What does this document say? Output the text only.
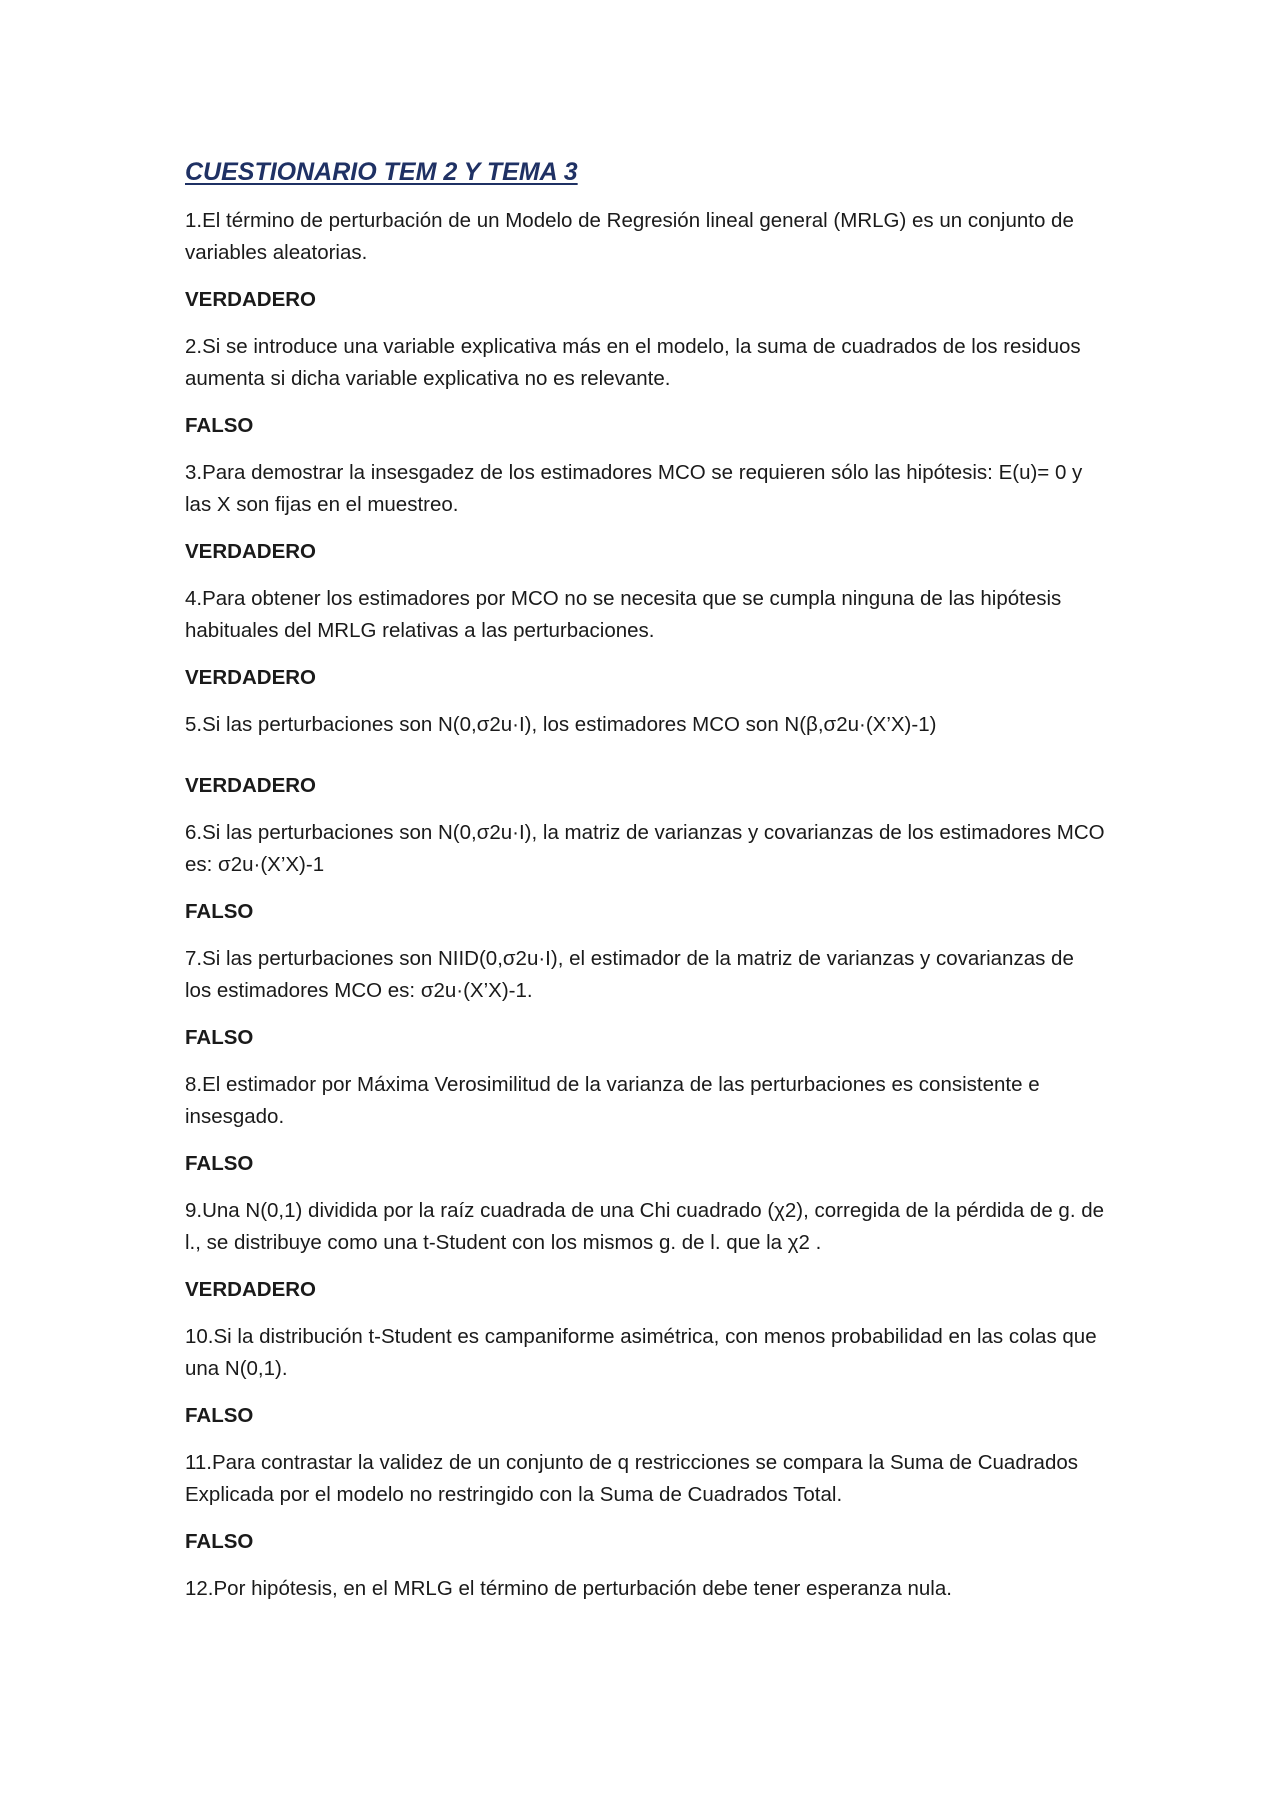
CUESTIONARIO TEM 2 Y TEMA 3

1.El término de perturbación de un Modelo de Regresión lineal general (MRLG) es un conjunto de variables aleatorias.

VERDADERO

2.Si se introduce una variable explicativa más en el modelo, la suma de cuadrados de los residuos aumenta si dicha variable explicativa no es relevante.

FALSO

3.Para demostrar la insesgadez de los estimadores MCO se requieren sólo las hipótesis: E(u)= 0 y las X son fijas en el muestreo.

VERDADERO

4.Para obtener los estimadores por MCO no se necesita que se cumpla ninguna de las hipótesis habituales del MRLG relativas a las perturbaciones.

VERDADERO

5.Si las perturbaciones son N(0,σ2u·I), los estimadores MCO son N(β,σ2u·(X’X)-1)

VERDADERO

6.Si las perturbaciones son N(0,σ2u·I), la matriz de varianzas y covarianzas de los estimadores MCO es: σ2u·(X’X)-1

FALSO

7.Si las perturbaciones son NIID(0,σ2u·I), el estimador de la matriz de varianzas y covarianzas de los estimadores MCO es: σ2u·(X’X)-1.

FALSO

8.El estimador por Máxima Verosimilitud de la varianza de las perturbaciones es consistente e insesgado.

FALSO

9.Una N(0,1) dividida por la raíz cuadrada de una Chi cuadrado (χ2), corregida de la pérdida de g. de l., se distribuye como una t-Student con los mismos g. de l. que la χ2 .

VERDADERO

10.Si la distribución t-Student es campaniforme asimétrica, con menos probabilidad en las colas que una N(0,1).

FALSO

11.Para contrastar la validez de un conjunto de q restricciones se compara la Suma de Cuadrados Explicada por el modelo no restringido con la Suma de Cuadrados Total.

FALSO

12.Por hipótesis, en el MRLG el término de perturbación debe tener esperanza nula.
